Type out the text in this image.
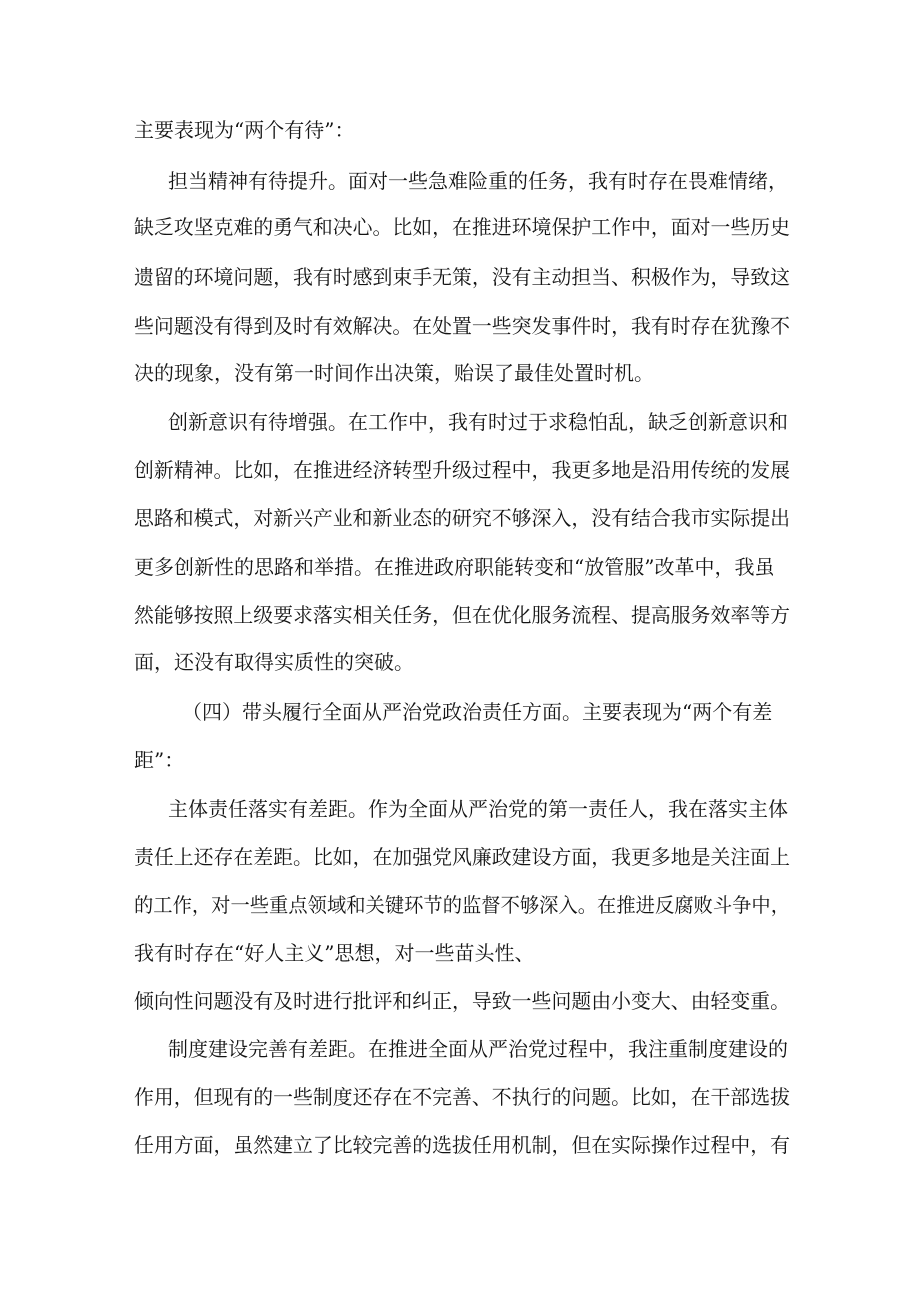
主要表现为“两个有待”：
担当精神有待提升。面对一些急难险重的任务，我有时存在畏难情绪，
缺乏攻坚克难的勇气和决心。比如，在推进环境保护工作中，面对一些历史
遗留的环境问题，我有时感到束手无策，没有主动担当、积极作为，导致这
些问题没有得到及时有效解决。在处置一些突发事件时，我有时存在犹豫不
决的现象，没有第一时间作出决策，贻误了最佳处置时机。
创新意识有待增强。在工作中，我有时过于求稳怕乱，缺乏创新意识和
创新精神。比如，在推进经济转型升级过程中，我更多地是沿用传统的发展
思路和模式，对新兴产业和新业态的研究不够深入，没有结合我市实际提出
更多创新性的思路和举措。在推进政府职能转变和“放管服”改革中，我虽
然能够按照上级要求落实相关任务，但在优化服务流程、提高服务效率等方
面，还没有取得实质性的突破。
（四）带头履行全面从严治党政治责任方面。主要表现为“两个有差
距”：
主体责任落实有差距。作为全面从严治党的第一责任人，我在落实主体
责任上还存在差距。比如，在加强党风廉政建设方面，我更多地是关注面上
的工作，对一些重点领域和关键环节的监督不够深入。在推进反腐败斗争中，
我有时存在“好人主义”思想，对一些苗头性、
倾向性问题没有及时进行批评和纠正，导致一些问题由小变大、由轻变重。
制度建设完善有差距。在推进全面从严治党过程中，我注重制度建设的
作用，但现有的一些制度还存在不完善、不执行的问题。比如，在干部选拔
任用方面，虽然建立了比较完善的选拔任用机制，但在实际操作过程中，有
